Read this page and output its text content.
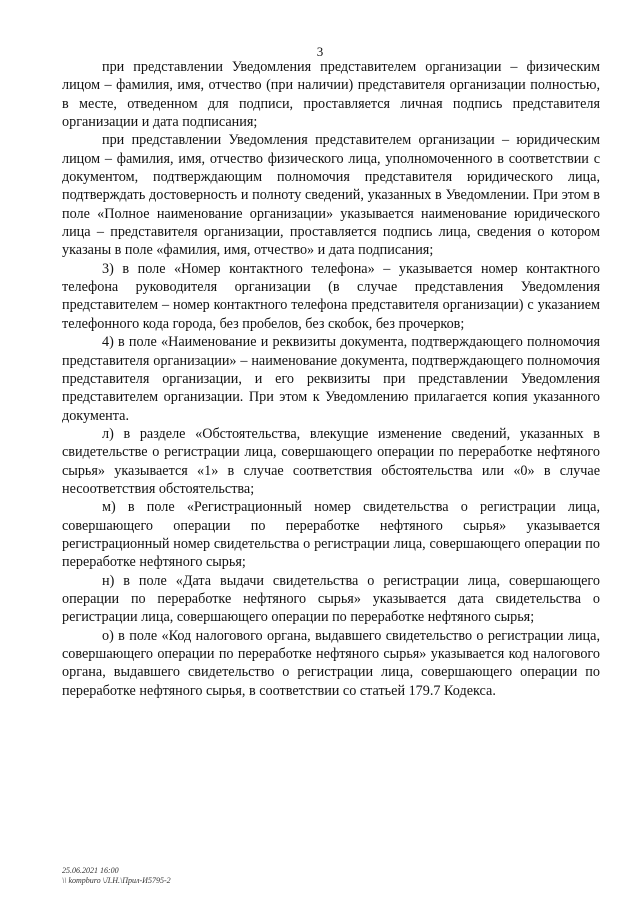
3

при представлении Уведомления представителем организации – физическим лицом – фамилия, имя, отчество (при наличии) представителя организации полностью, в месте, отведенном для подписи, проставляется личная подпись представителя организации и дата подписания;

при представлении Уведомления представителем организации – юридическим лицом – фамилия, имя, отчество физического лица, уполномоченного в соответствии с документом, подтверждающим полномочия представителя юридического лица, подтверждать достоверность и полноту сведений, указанных в Уведомлении. При этом в поле «Полное наименование организации» указывается наименование юридического лица – представителя организации, проставляется подпись лица, сведения о котором указаны в поле «фамилия, имя, отчество» и дата подписания;

3) в поле «Номер контактного телефона» – указывается номер контактного телефона руководителя организации (в случае представления Уведомления представителем – номер контактного телефона представителя организации) с указанием телефонного кода города, без пробелов, без скобок, без прочерков;

4) в поле «Наименование и реквизиты документа, подтверждающего полномочия представителя организации» – наименование документа, подтверждающего полномочия представителя организации, и его реквизиты при представлении Уведомления представителем организации. При этом к Уведомлению прилагается копия указанного документа.

л) в разделе «Обстоятельства, влекущие изменение сведений, указанных в свидетельстве о регистрации лица, совершающего операции по переработке нефтяного сырья» указывается «1» в случае соответствия обстоятельства или «0» в случае несоответствия обстоятельства;

м) в поле «Регистрационный номер свидетельства о регистрации лица, совершающего операции по переработке нефтяного сырья» указывается регистрационный номер свидетельства о регистрации лица, совершающего операции по переработке нефтяного сырья;

н) в поле «Дата выдачи свидетельства о регистрации лица, совершающего операции по переработке нефтяного сырья» указывается дата свидетельства о регистрации лица, совершающего операции по переработке нефтяного сырья;

о) в поле «Код налогового органа, выдавшего свидетельство о регистрации лица, совершающего операции по переработке нефтяного сырья» указывается код налогового органа, выдавшего свидетельство о регистрации лица, совершающего операции по переработке нефтяного сырья, в соответствии со статьей 179.7 Кодекса.

25.06.2021 16:00
\\ kompburo \Л.Н.\Прил-И5795-2
